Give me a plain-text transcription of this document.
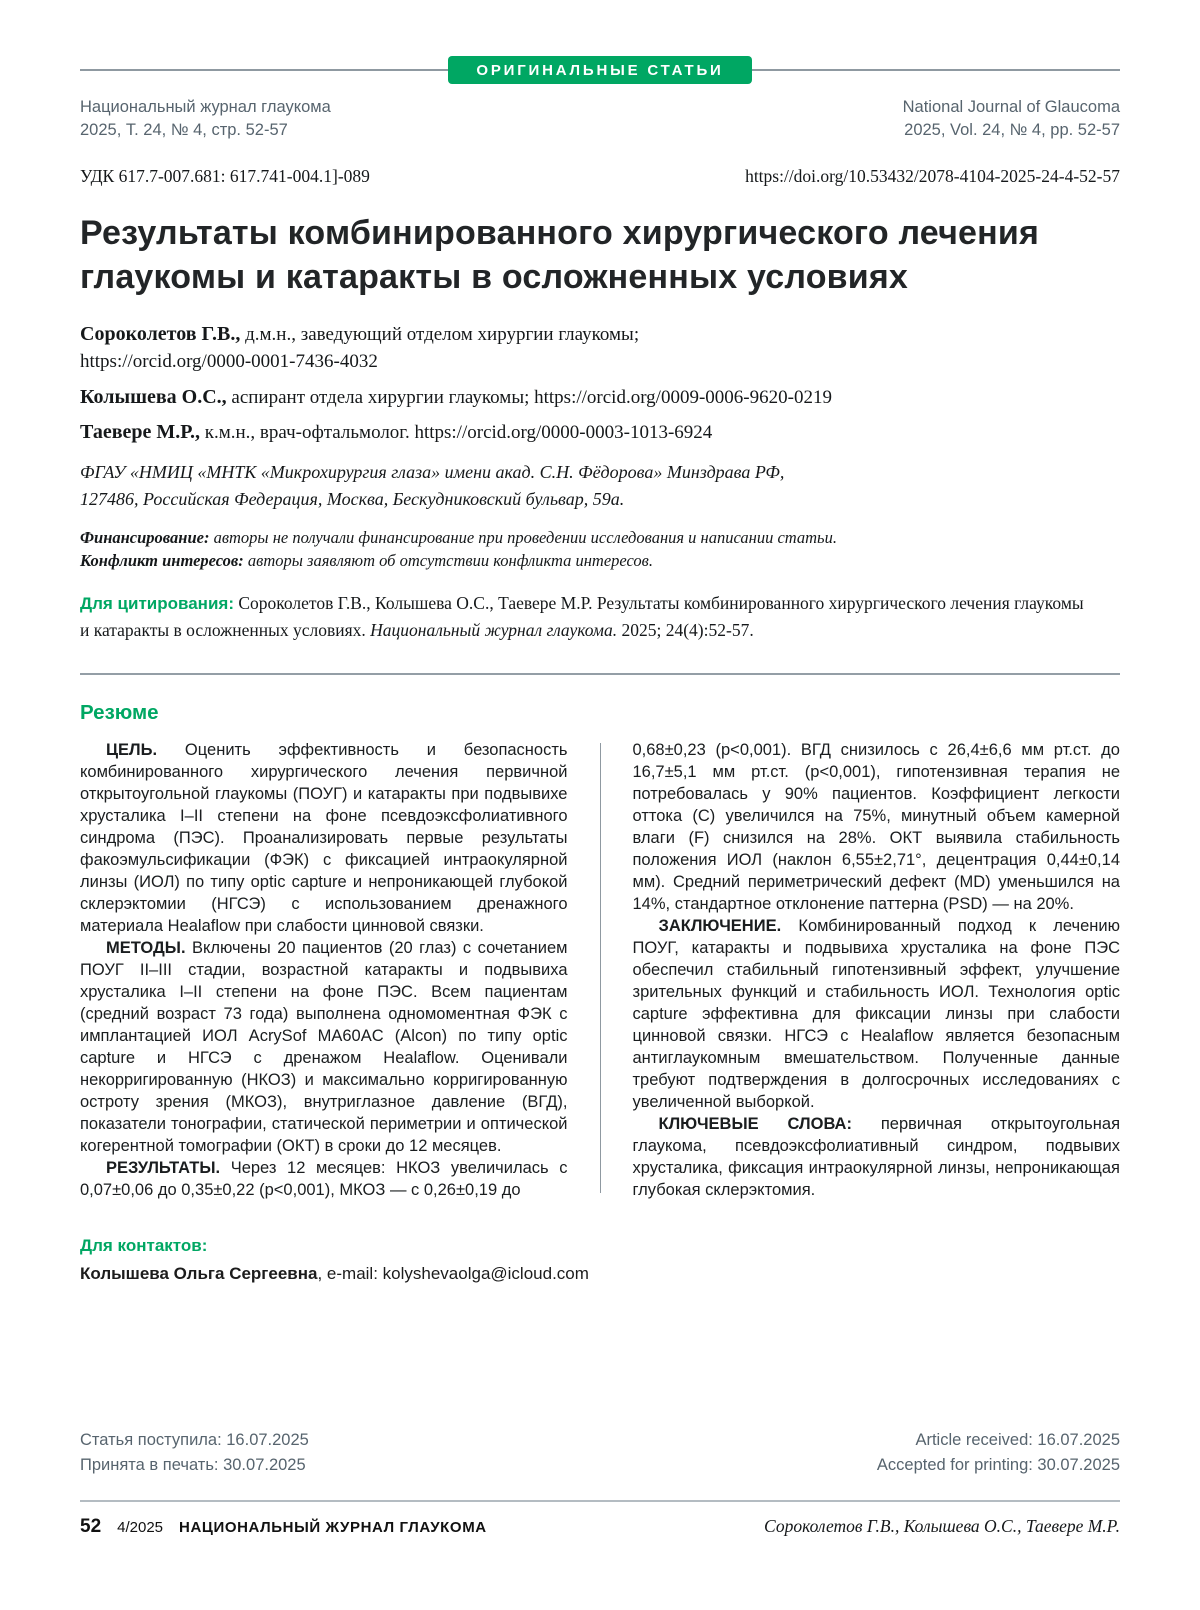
ОРИГИНАЛЬНЫЕ СТАТЬИ
Национальный журнал глаукома
2025, Т. 24, № 4, стр. 52-57
National Journal of Glaucoma
2025, Vol. 24, № 4, pp. 52-57
УДК 617.7-007.681: 617.741-004.1]-089	https://doi.org/10.53432/2078-4104-2025-24-4-52-57
Результаты комбинированного хирургического лечения глаукомы и катаракты в осложненных условиях

Сороколетов Г.В., д.м.н., заведующий отделом хирургии глаукомы;
https://orcid.org/0000-0001-7436-4032

Колышева О.С., аспирант отдела хирургии глаукомы; https://orcid.org/0009-0006-9620-0219

Таевере М.Р., к.м.н., врач-офтальмолог. https://orcid.org/0000-0003-1013-6924

ФГАУ «НМИЦ «МНТК «Микрохирургия глаза» имени акад. С.Н. Фёдорова» Минздрава РФ,
127486, Российская Федерация, Москва, Бескудниковский бульвар, 59а.
Финансирование: авторы не получали финансирование при проведении исследования и написании статьи.
Конфликт интересов: авторы заявляют об отсутствии конфликта интересов.
Для цитирования: Сороколетов Г.В., Колышева О.С., Таевере М.Р. Результаты комбинированного хирургического лечения глаукомы и катаракты в осложненных условиях. Национальный журнал глаукома. 2025; 24(4):52-57.
Резюме

ЦЕЛЬ. Оценить эффективность и безопасность комбинированного хирургического лечения первичной открытоугольной глаукомы (ПОУГ) и катаракты при подвывихе хрусталика I–II степени на фоне псевдоэксфолиативного синдрома (ПЭС). Проанализировать первые результаты факоэмульсификации (ФЭК) с фиксацией интраокулярной линзы (ИОЛ) по типу optic capture и непроникающей глубокой склерэктомии (НГСЭ) с использованием дренажного материала Healaflow при слабости цинновой связки.

МЕТОДЫ. Включены 20 пациентов (20 глаз) с сочетанием ПОУГ II–III стадии, возрастной катаракты и подвывиха хрусталика I–II степени на фоне ПЭС. Всем пациентам (средний возраст 73 года) выполнена одномоментная ФЭК с имплантацией ИОЛ AcrySof MA60AC (Alcon) по типу optic capture и НГСЭ с дренажом Healaflow. Оценивали некорригированную (НКОЗ) и максимально корригированную остроту зрения (МКОЗ), внутриглазное давление (ВГД), показатели тонографии, статической периметрии и оптической когерентной томографии (ОКТ) в сроки до 12 месяцев.

РЕЗУЛЬТАТЫ. Через 12 месяцев: НКОЗ увеличилась с 0,07±0,06 до 0,35±0,22 (p<0,001), МКОЗ — с 0,26±0,19 до

0,68±0,23 (p<0,001). ВГД снизилось с 26,4±6,6 мм рт.ст. до 16,7±5,1 мм рт.ст. (p<0,001), гипотензивная терапия не потребовалась у 90% пациентов. Коэффициент легкости оттока (C) увеличился на 75%, минутный объем камерной влаги (F) снизился на 28%. ОКТ выявила стабильность положения ИОЛ (наклон 6,55±2,71°, децентрация 0,44±0,14 мм). Средний периметрический дефект (MD) уменьшился на 14%, стандартное отклонение паттерна (PSD) — на 20%.

ЗАКЛЮЧЕНИЕ. Комбинированный подход к лечению ПОУГ, катаракты и подвывиха хрусталика на фоне ПЭС обеспечил стабильный гипотензивный эффект, улучшение зрительных функций и стабильность ИОЛ. Технология optic capture эффективна для фиксации линзы при слабости цинновой связки. НГСЭ с Healaflow является безопасным антиглаукомным вмешательством. Полученные данные требуют подтверждения в долгосрочных исследованиях с увеличенной выборкой.

КЛЮЧЕВЫЕ СЛОВА: первичная открытоугольная глаукома, псевдоэксфолиативный синдром, подвывих хрусталика, фиксация интраокулярной линзы, непроникающая глубокая склерэктомия.

Для контактов:
Колышева Ольга Сергеевна, e-mail: kolyshevaolga@icloud.com
Статья поступила: 16.07.2025
Принята в печать: 30.07.2025
Article received: 16.07.2025
Accepted for printing: 30.07.2025
52 4/2025 НАЦИОНАЛЬНЫЙ ЖУРНАЛ ГЛАУКОМА	Сороколетов Г.В., Колышева О.С., Таевере М.Р.
